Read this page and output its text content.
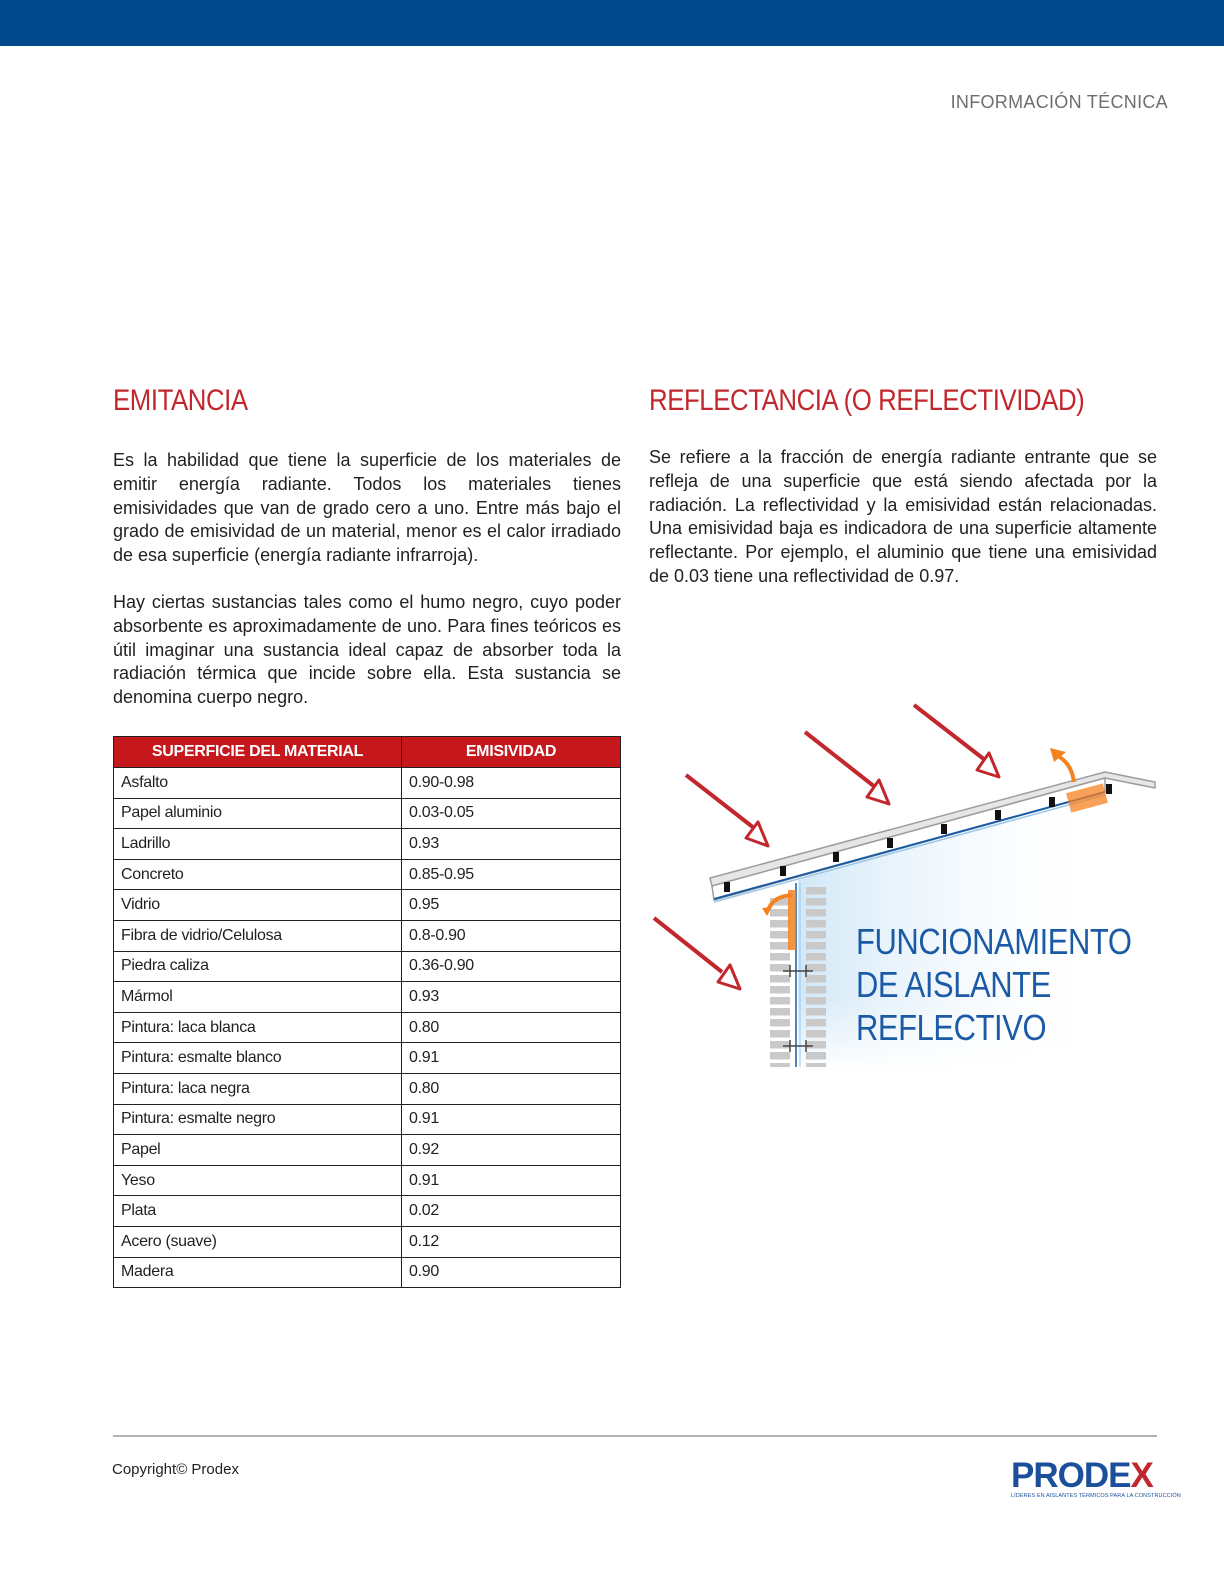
INFORMACIÓN TÉCNICA
EMITANCIA	REFLECTANCIA (O REFLECTIVIDAD)

Es la habilidad que tiene la superficie de los materiales de emitir energía radiante. Todos los materiales tienes emisividades que van de grado cero a uno. Entre más bajo el grado de emisividad de un material, menor es el calor irradiado de esa superficie (energía radiante infrarroja).

Hay ciertas sustancias tales como el humo negro, cuyo poder absorbente es aproximadamente de uno. Para fines teóricos es útil imaginar una sustancia ideal capaz de absorber toda la radiación térmica que incide sobre ella. Esta sustancia se denomina cuerpo negro.

Se refiere a la fracción de energía radiante entrante que se refleja de una superficie que está siendo afectada por la radiación. La reflectividad y la emisividad están relacionadas. Una emisividad baja es indicadora de una superficie altamente reflectante. Por ejemplo, el aluminio que tiene una emisividad de 0.03 tiene una reflectividad de 0.97.

SUPERFICIE DEL MATERIAL	EMISIVIDAD
Asfalto	0.90-0.98
Papel aluminio	0.03-0.05
Ladrillo	0.93
Concreto	0.85-0.95
Vidrio	0.95
Fibra de vidrio/Celulosa	0.8-0.90
Piedra caliza	0.36-0.90
Mármol	0.93
Pintura: laca blanca	0.80
Pintura: esmalte blanco	0.91
Pintura: laca negra	0.80
Pintura: esmalte negro	0.91
Papel	0.92
Yeso	0.91
Plata	0.02
Acero (suave)	0.12
Madera	0.90
FUNCIONAMIENTO
DE AISLANTE
REFLECTIVO
Copyright© Prodex	PRODEX
LÍDERES EN AISLANTES TÉRMICOS PARA LA CONSTRUCCIÓN
